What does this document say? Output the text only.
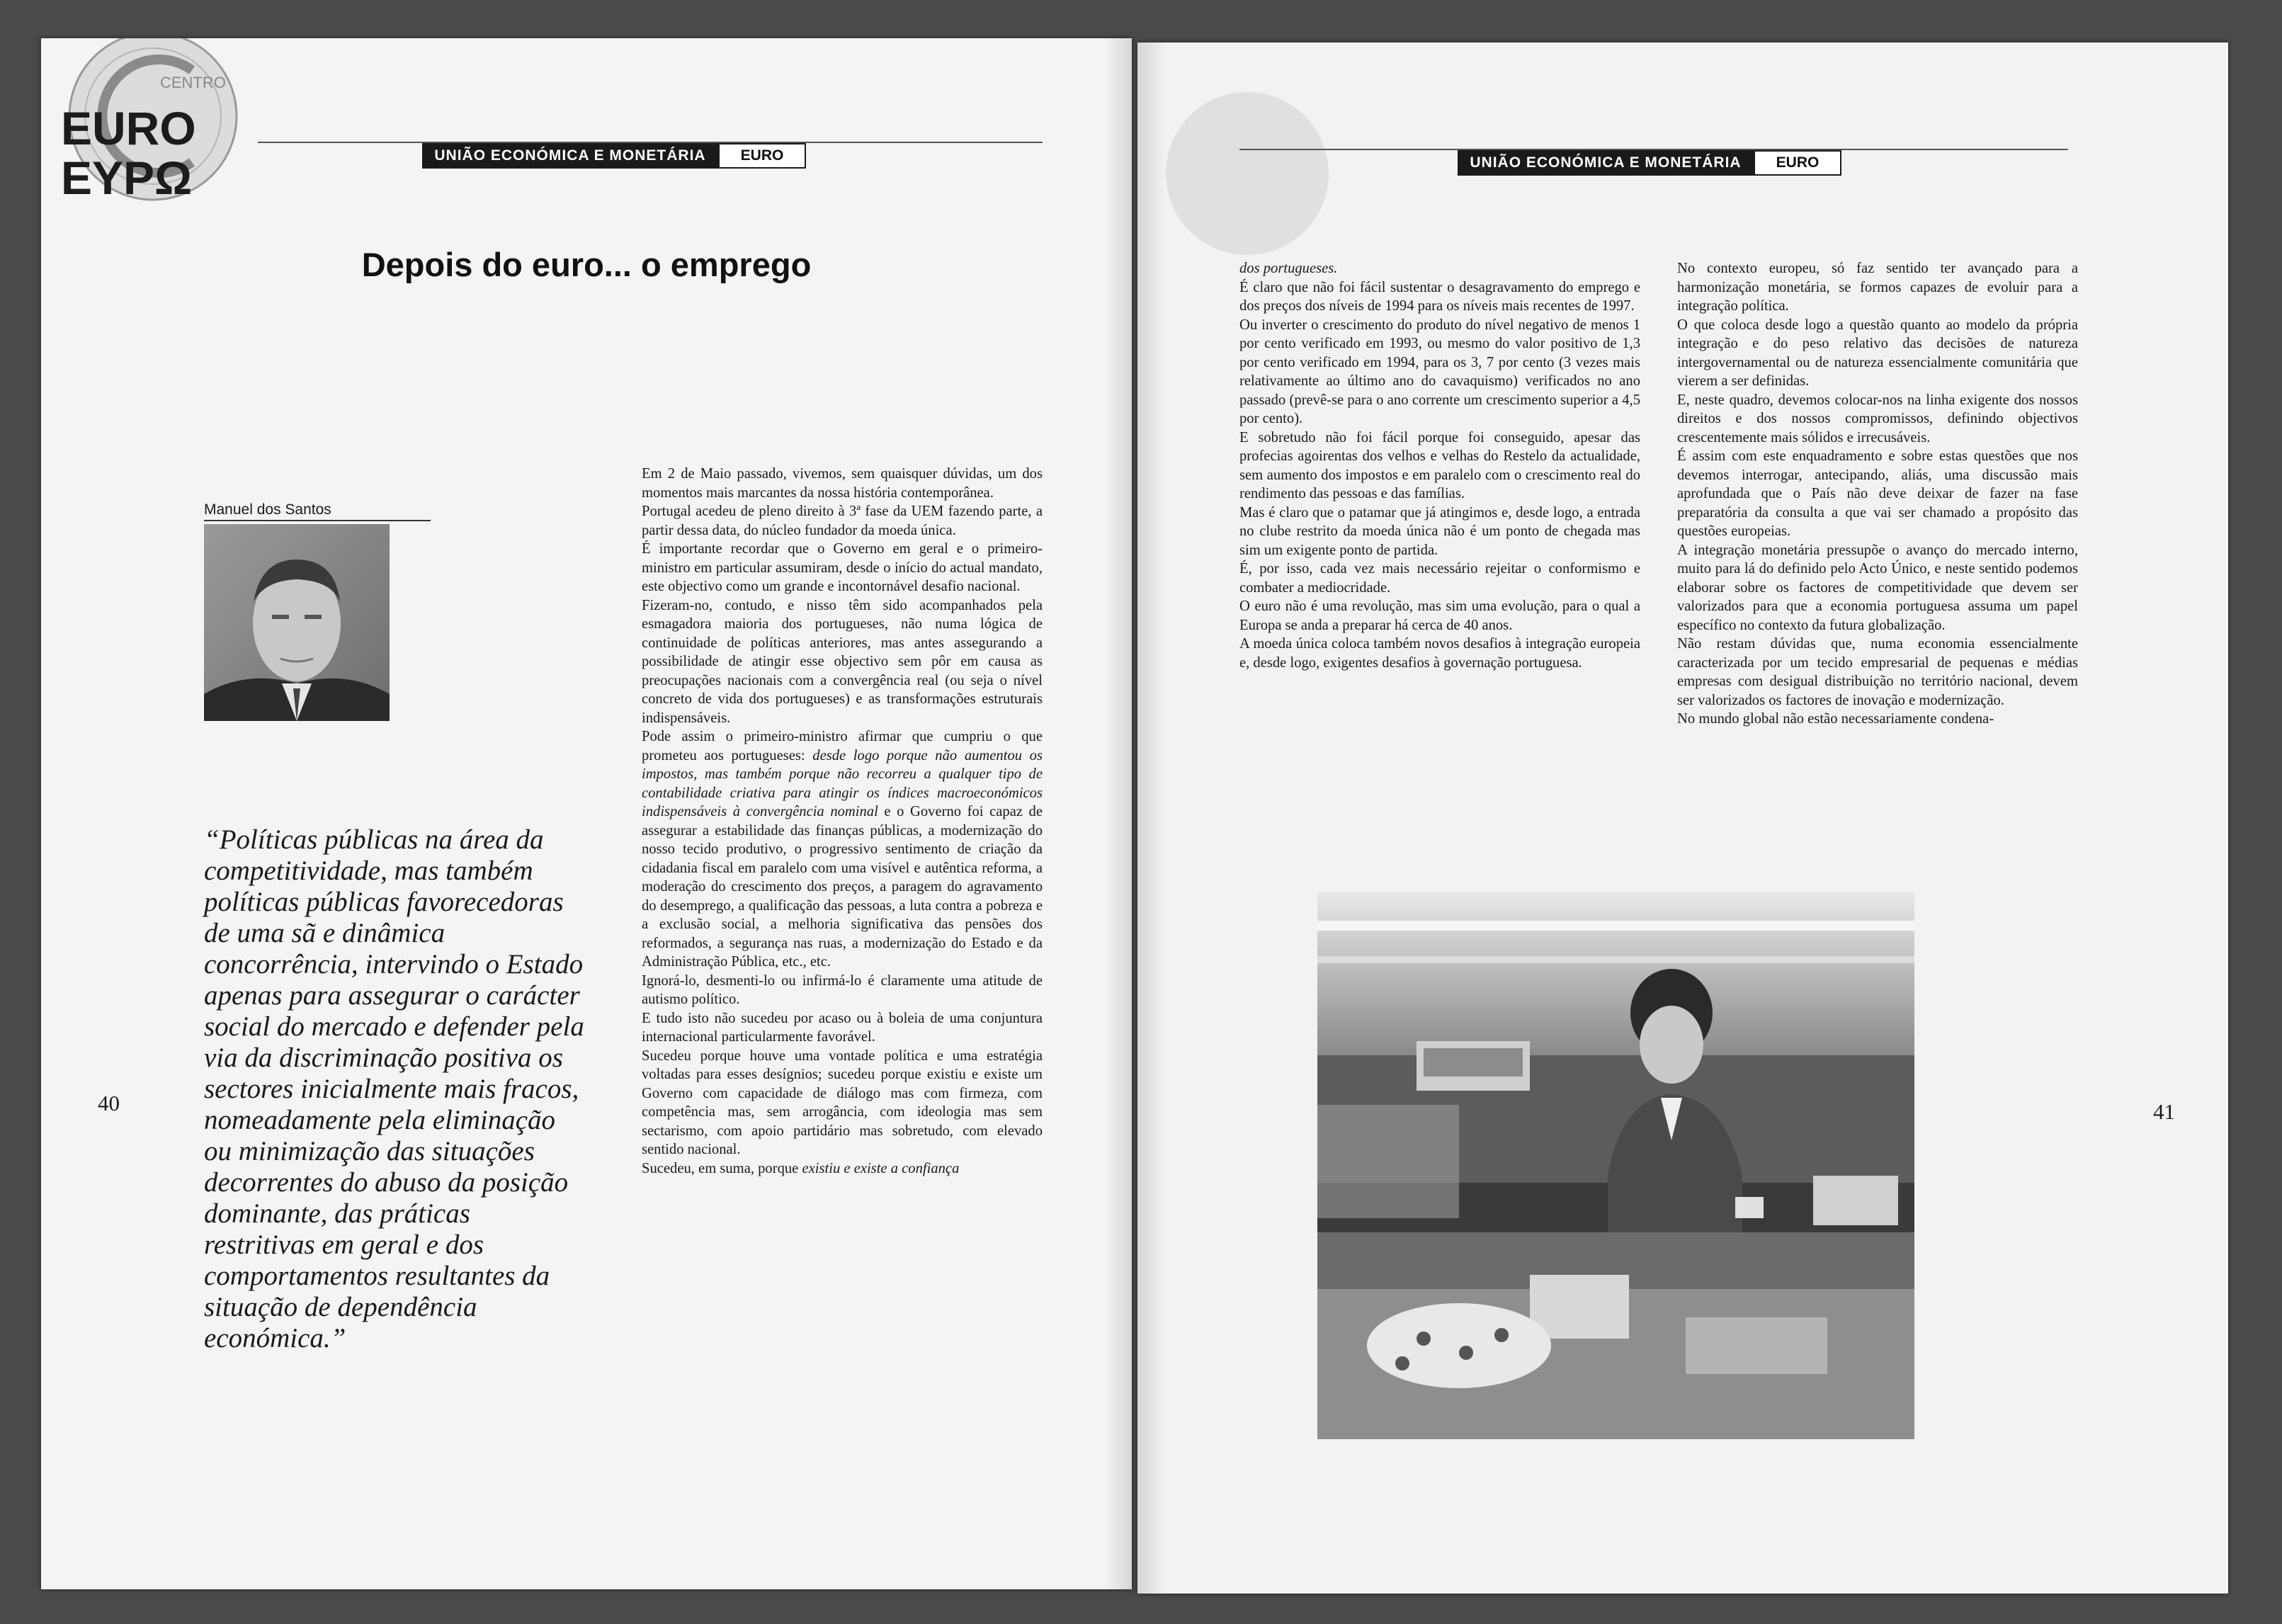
CENTRO
EURO
EYPΩ	UNIÃO ECONÓMICA E MONETÁRIA	EURO
Depois do euro... o emprego
Manuel dos Santos
“Políticas públicas na área da competitividade, mas também políticas públicas favorecedoras de uma sã e dinâmica concorrência, intervindo o Estado apenas para assegurar o carácter social do mercado e defender pela via da discriminação positiva os sectores inicialmente mais fracos, nomeadamente pela eliminação ou minimização das situações decorrentes do abuso da posição dominante, das práticas restritivas em geral e dos comportamentos resultantes da situação de dependência económica.”

Em 2 de Maio passado, vivemos, sem quaisquer dúvidas, um dos momentos mais marcantes da nossa história contemporânea.

Portugal acedeu de pleno direito à 3ª fase da UEM fazendo parte, a partir dessa data, do núcleo fundador da moeda única.

É importante recordar que o Governo em geral e o primeiro-ministro em particular assumiram, desde o início do actual mandato, este objectivo como um grande e incontornável desafio nacional.

Fizeram-no, contudo, e nisso têm sido acompanhados pela esmagadora maioria dos portugueses, não numa lógica de continuidade de políticas anteriores, mas antes assegurando a possibilidade de atingir esse objectivo sem pôr em causa as preocupações nacionais com a convergência real (ou seja o nível concreto de vida dos portugueses) e as transformações estruturais indispensáveis.

Pode assim o primeiro-ministro afirmar que cumpriu o que prometeu aos portugueses: desde logo porque não aumentou os impostos, mas também porque não recorreu a qualquer tipo de contabilidade criativa para atingir os índices macroeconómicos indispensáveis à convergência nominal e o Governo foi capaz de assegurar a estabilidade das finanças públicas, a modernização do nosso tecido produtivo, o progressivo sentimento de criação da cidadania fiscal em paralelo com uma visível e autêntica reforma, a moderação do crescimento dos preços, a paragem do agravamento do desemprego, a qualificação das pessoas, a luta contra a pobreza e a exclusão social, a melhoria significativa das pensões dos reformados, a segurança nas ruas, a modernização do Estado e da Administração Pública, etc., etc.

Ignorá-lo, desmenti-lo ou infirmá-lo é claramente uma atitude de autismo político.

E tudo isto não sucedeu por acaso ou à boleia de uma conjuntura internacional particularmente favorável.

Sucedeu porque houve uma vontade política e uma estratégia voltadas para esses desígnios; sucedeu porque existiu e existe um Governo com capacidade de diálogo mas com firmeza, com competência mas, sem arrogância, com ideologia mas sem sectarismo, com apoio partidário mas sobretudo, com elevado sentido nacional.

Sucedeu, em suma, porque existiu e existe a confiança

40
UNIÃO ECONÓMICA E MONETÁRIA	EURO

dos portugueses.

É claro que não foi fácil sustentar o desagravamento do emprego e dos preços dos níveis de 1994 para os níveis mais recentes de 1997.

Ou inverter o crescimento do produto do nível negativo de menos 1 por cento verificado em 1993, ou mesmo do valor positivo de 1,3 por cento verificado em 1994, para os 3, 7 por cento (3 vezes mais relativamente ao último ano do cavaquismo) verificados no ano passado (prevê-se para o ano corrente um crescimento superior a 4,5 por cento).

E sobretudo não foi fácil porque foi conseguido, apesar das profecias agoirentas dos velhos e velhas do Restelo da actualidade, sem aumento dos impostos e em paralelo com o crescimento real do rendimento das pessoas e das famílias.

Mas é claro que o patamar que já atingimos e, desde logo, a entrada no clube restrito da moeda única não é um ponto de chegada mas sim um exigente ponto de partida.

É, por isso, cada vez mais necessário rejeitar o conformismo e combater a mediocridade.

O euro não é uma revolução, mas sim uma evolução, para o qual a Europa se anda a preparar há cerca de 40 anos.

A moeda única coloca também novos desafios à integração europeia e, desde logo, exigentes desafios à governação portuguesa.

No contexto europeu, só faz sentido ter avançado para a harmonização monetária, se formos capazes de evoluir para a integração política.

O que coloca desde logo a questão quanto ao modelo da própria integração e do peso relativo das decisões de natureza intergovernamental ou de natureza essencialmente comunitária que vierem a ser definidas.

E, neste quadro, devemos colocar-nos na linha exigente dos nossos direitos e dos nossos compromissos, definindo objectivos crescentemente mais sólidos e irrecusáveis.

É assim com este enquadramento e sobre estas questões que nos devemos interrogar, antecipando, aliás, uma discussão mais aprofundada que o País não deve deixar de fazer na fase preparatória da consulta a que vai ser chamado a propósito das questões europeias.

A integração monetária pressupõe o avanço do mercado interno, muito para lá do definido pelo Acto Único, e neste sentido podemos elaborar sobre os factores de competitividade que devem ser valorizados para que a economia portuguesa assuma um papel específico no contexto da futura globalização.

Não restam dúvidas que, numa economia essencialmente caracterizada por um tecido empresarial de pequenas e médias empresas com desigual distribuição no território nacional, devem ser valorizados os factores de inovação e modernização.

No mundo global não estão necessariamente condena-

41
